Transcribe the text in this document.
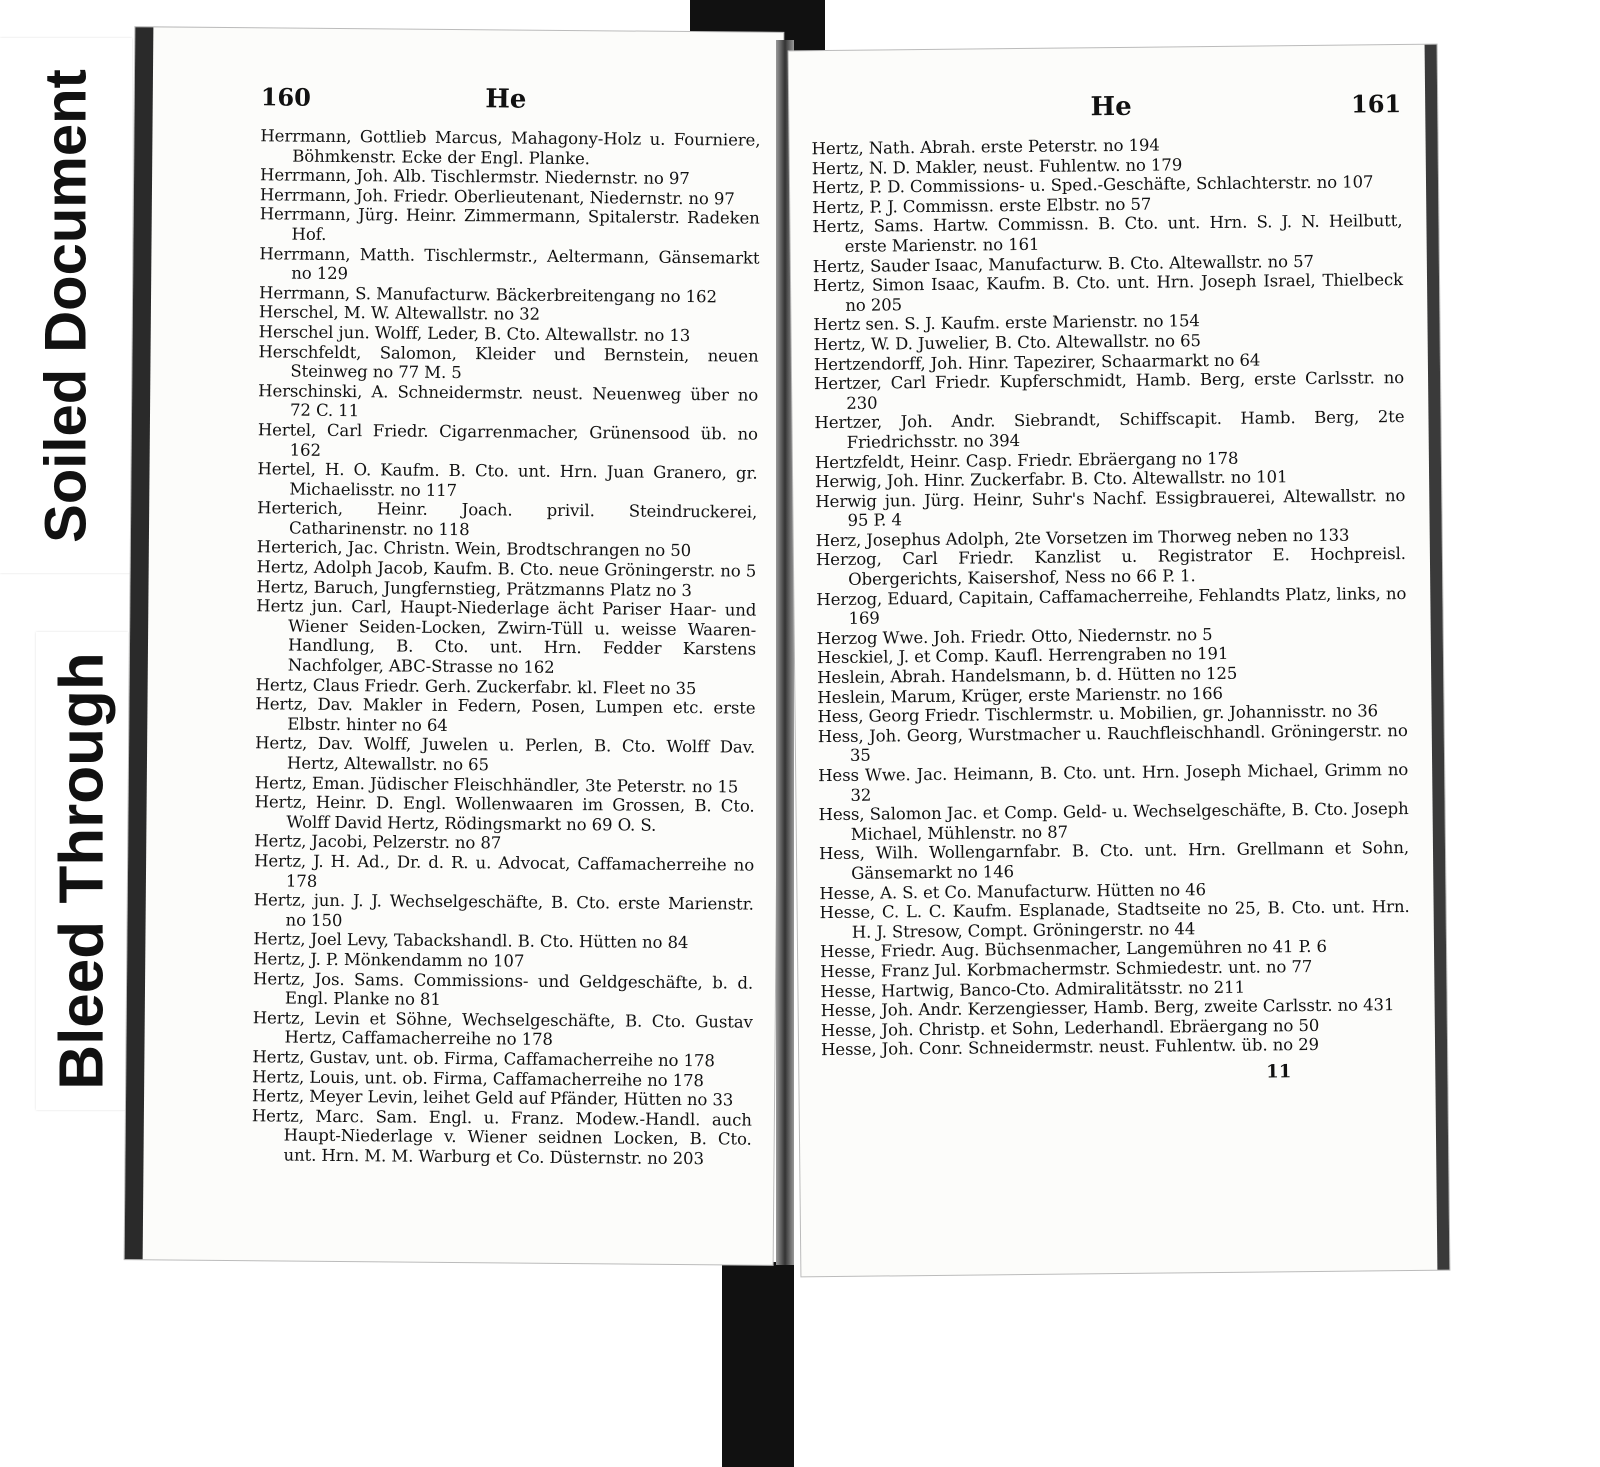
Soiled Document
Bleed Through
160	He

Herrmann, Gottlieb Marcus, Mahagony-Holz u. Fourniere, Böhmkenstr. Ecke der Engl. Planke.

Herrmann, Joh. Alb. Tischlermstr. Niedernstr. no 97

Herrmann, Joh. Friedr. Oberlieutenant, Niedernstr. no 97

Herrmann, Jürg. Heinr. Zimmermann, Spitalerstr. Radeken Hof.

Herrmann, Matth. Tischlermstr., Aeltermann, Gänsemarkt no 129

Herrmann, S. Manufacturw. Bäckerbreitengang no 162

Herschel, M. W. Altewallstr. no 32

Herschel jun. Wolff, Leder, B. Cto. Altewallstr. no 13

Herschfeldt, Salomon, Kleider und Bernstein, neuen Steinweg no 77 M. 5

Herschinski, A. Schneidermstr. neust. Neuenweg über no 72 C. 11

Hertel, Carl Friedr. Cigarrenmacher, Grünensood üb. no 162

Hertel, H. O. Kaufm. B. Cto. unt. Hrn. Juan Granero, gr. Michaelisstr. no 117

Herterich, Heinr. Joach. privil. Steindruckerei, Catharinenstr. no 118

Herterich, Jac. Christn. Wein, Brodtschrangen no 50

Hertz, Adolph Jacob, Kaufm. B. Cto. neue Gröningerstr. no 5

Hertz, Baruch, Jungfernstieg, Prätzmanns Platz no 3

Hertz jun. Carl, Haupt-Niederlage ächt Pariser Haar- und Wiener Seiden-Locken, Zwirn-Tüll u. weisse Waaren-Handlung, B. Cto. unt. Hrn. Fedder Karstens Nachfolger, ABC-Strasse no 162

Hertz, Claus Friedr. Gerh. Zuckerfabr. kl. Fleet no 35

Hertz, Dav. Makler in Federn, Posen, Lumpen etc. erste Elbstr. hinter no 64

Hertz, Dav. Wolff, Juwelen u. Perlen, B. Cto. Wolff Dav. Hertz, Altewallstr. no 65

Hertz, Eman. Jüdischer Fleischhändler, 3te Peterstr. no 15

Hertz, Heinr. D. Engl. Wollenwaaren im Grossen, B. Cto. Wolff David Hertz, Rödingsmarkt no 69 O. S.

Hertz, Jacobi, Pelzerstr. no 87

Hertz, J. H. Ad., Dr. d. R. u. Advocat, Caffamacherreihe no 178

Hertz, jun. J. J. Wechselgeschäfte, B. Cto. erste Marienstr. no 150

Hertz, Joel Levy, Tabackshandl. B. Cto. Hütten no 84

Hertz, J. P. Mönkendamm no 107

Hertz, Jos. Sams. Commissions- und Geldgeschäfte, b. d. Engl. Planke no 81

Hertz, Levin et Söhne, Wechselgeschäfte, B. Cto. Gustav Hertz, Caffamacherreihe no 178

Hertz, Gustav, unt. ob. Firma, Caffamacherreihe no 178

Hertz, Louis, unt. ob. Firma, Caffamacherreihe no 178

Hertz, Meyer Levin, leihet Geld auf Pfänder, Hütten no 33

Hertz, Marc. Sam. Engl. u. Franz. Modew.-Handl. auch Haupt-Niederlage v. Wiener seidnen Locken, B. Cto. unt. Hrn. M. M. Warburg et Co. Düsternstr. no 203

He	161

Hertz, Nath. Abrah. erste Peterstr. no 194

Hertz, N. D. Makler, neust. Fuhlentw. no 179

Hertz, P. D. Commissions- u. Sped.-Geschäfte, Schlachterstr. no 107

Hertz, P. J. Commissn. erste Elbstr. no 57

Hertz, Sams. Hartw. Commissn. B. Cto. unt. Hrn. S. J. N. Heilbutt, erste Marienstr. no 161

Hertz, Sauder Isaac, Manufacturw. B. Cto. Altewallstr. no 57

Hertz, Simon Isaac, Kaufm. B. Cto. unt. Hrn. Joseph Israel, Thielbeck no 205

Hertz sen. S. J. Kaufm. erste Marienstr. no 154

Hertz, W. D. Juwelier, B. Cto. Altewallstr. no 65

Hertzendorff, Joh. Hinr. Tapezirer, Schaarmarkt no 64

Hertzer, Carl Friedr. Kupferschmidt, Hamb. Berg, erste Carlsstr. no 230

Hertzer, Joh. Andr. Siebrandt, Schiffscapit. Hamb. Berg, 2te Friedrichsstr. no 394

Hertzfeldt, Heinr. Casp. Friedr. Ebräergang no 178

Herwig, Joh. Hinr. Zuckerfabr. B. Cto. Altewallstr. no 101

Herwig jun. Jürg. Heinr, Suhr's Nachf. Essigbrauerei, Altewallstr. no 95 P. 4

Herz, Josephus Adolph, 2te Vorsetzen im Thorweg neben no 133

Herzog, Carl Friedr. Kanzlist u. Registrator E. Hochpreisl. Obergerichts, Kaisershof, Ness no 66 P. 1.

Herzog, Eduard, Capitain, Caffamacherreihe, Fehlandts Platz, links, no 169

Herzog Wwe. Joh. Friedr. Otto, Niedernstr. no 5

Hesckiel, J. et Comp. Kaufl. Herrengraben no 191

Heslein, Abrah. Handelsmann, b. d. Hütten no 125

Heslein, Marum, Krüger, erste Marienstr. no 166

Hess, Georg Friedr. Tischlermstr. u. Mobilien, gr. Johannisstr. no 36

Hess, Joh. Georg, Wurstmacher u. Rauchfleischhandl. Gröningerstr. no 35

Hess Wwe. Jac. Heimann, B. Cto. unt. Hrn. Joseph Michael, Grimm no 32

Hess, Salomon Jac. et Comp. Geld- u. Wechselgeschäfte, B. Cto. Joseph Michael, Mühlenstr. no 87

Hess, Wilh. Wollengarnfabr. B. Cto. unt. Hrn. Grellmann et Sohn, Gänsemarkt no 146

Hesse, A. S. et Co. Manufacturw. Hütten no 46

Hesse, C. L. C. Kaufm. Esplanade, Stadtseite no 25, B. Cto. unt. Hrn. H. J. Stresow, Compt. Gröningerstr. no 44

Hesse, Friedr. Aug. Büchsenmacher, Langemühren no 41 P. 6

Hesse, Franz Jul. Korbmachermstr. Schmiedestr. unt. no 77

Hesse, Hartwig, Banco-Cto. Admiralitätsstr. no 211

Hesse, Joh. Andr. Kerzengiesser, Hamb. Berg, zweite Carlsstr. no 431

Hesse, Joh. Christp. et Sohn, Lederhandl. Ebräergang no 50

Hesse, Joh. Conr. Schneidermstr. neust. Fuhlentw. üb. no 29

11
